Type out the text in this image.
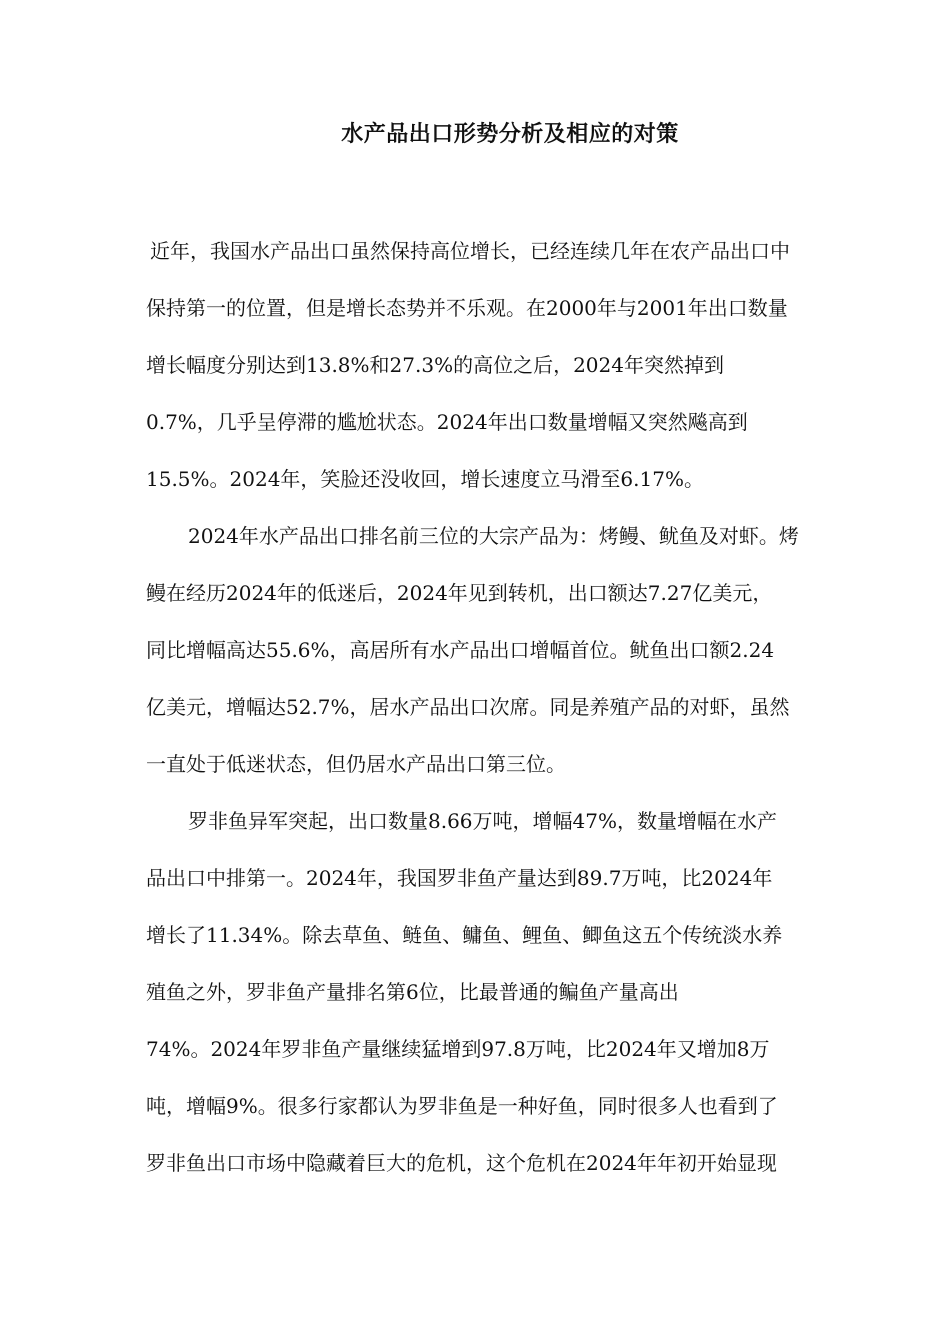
水产品出口形势分析及相应的对策
近年，我国水产品出口虽然保持高位增长，已经连续几年在农产品出口中
保持第一的位置，但是增长态势并不乐观。在2000年与2001年出口数量
增长幅度分别达到13.8%和27.3%的高位之后，2024年突然掉到
0.7%，几乎呈停滞的尴尬状态。2024年出口数量增幅又突然飚高到
15.5%。2024年，笑脸还没收回，增长速度立马滑至6.17%。
2024年水产品出口排名前三位的大宗产品为：烤鳗、鱿鱼及对虾。烤
鳗在经历2024年的低迷后，2024年见到转机，出口额达7.27亿美元，
同比增幅高达55.6%，高居所有水产品出口增幅首位。鱿鱼出口额2.24
亿美元，增幅达52.7%，居水产品出口次席。同是养殖产品的对虾，虽然
一直处于低迷状态，但仍居水产品出口第三位。
罗非鱼异军突起，出口数量8.66万吨，增幅47%，数量增幅在水产
品出口中排第一。2024年，我国罗非鱼产量达到89.7万吨，比2024年
增长了11.34%。除去草鱼、鲢鱼、鳙鱼、鲤鱼、鲫鱼这五个传统淡水养
殖鱼之外，罗非鱼产量排名第6位，比最普通的鳊鱼产量高出
74%。2024年罗非鱼产量继续猛增到97.8万吨，比2024年又增加8万
吨，增幅9%。很多行家都认为罗非鱼是一种好鱼，同时很多人也看到了
罗非鱼出口市场中隐藏着巨大的危机，这个危机在2024年年初开始显现
